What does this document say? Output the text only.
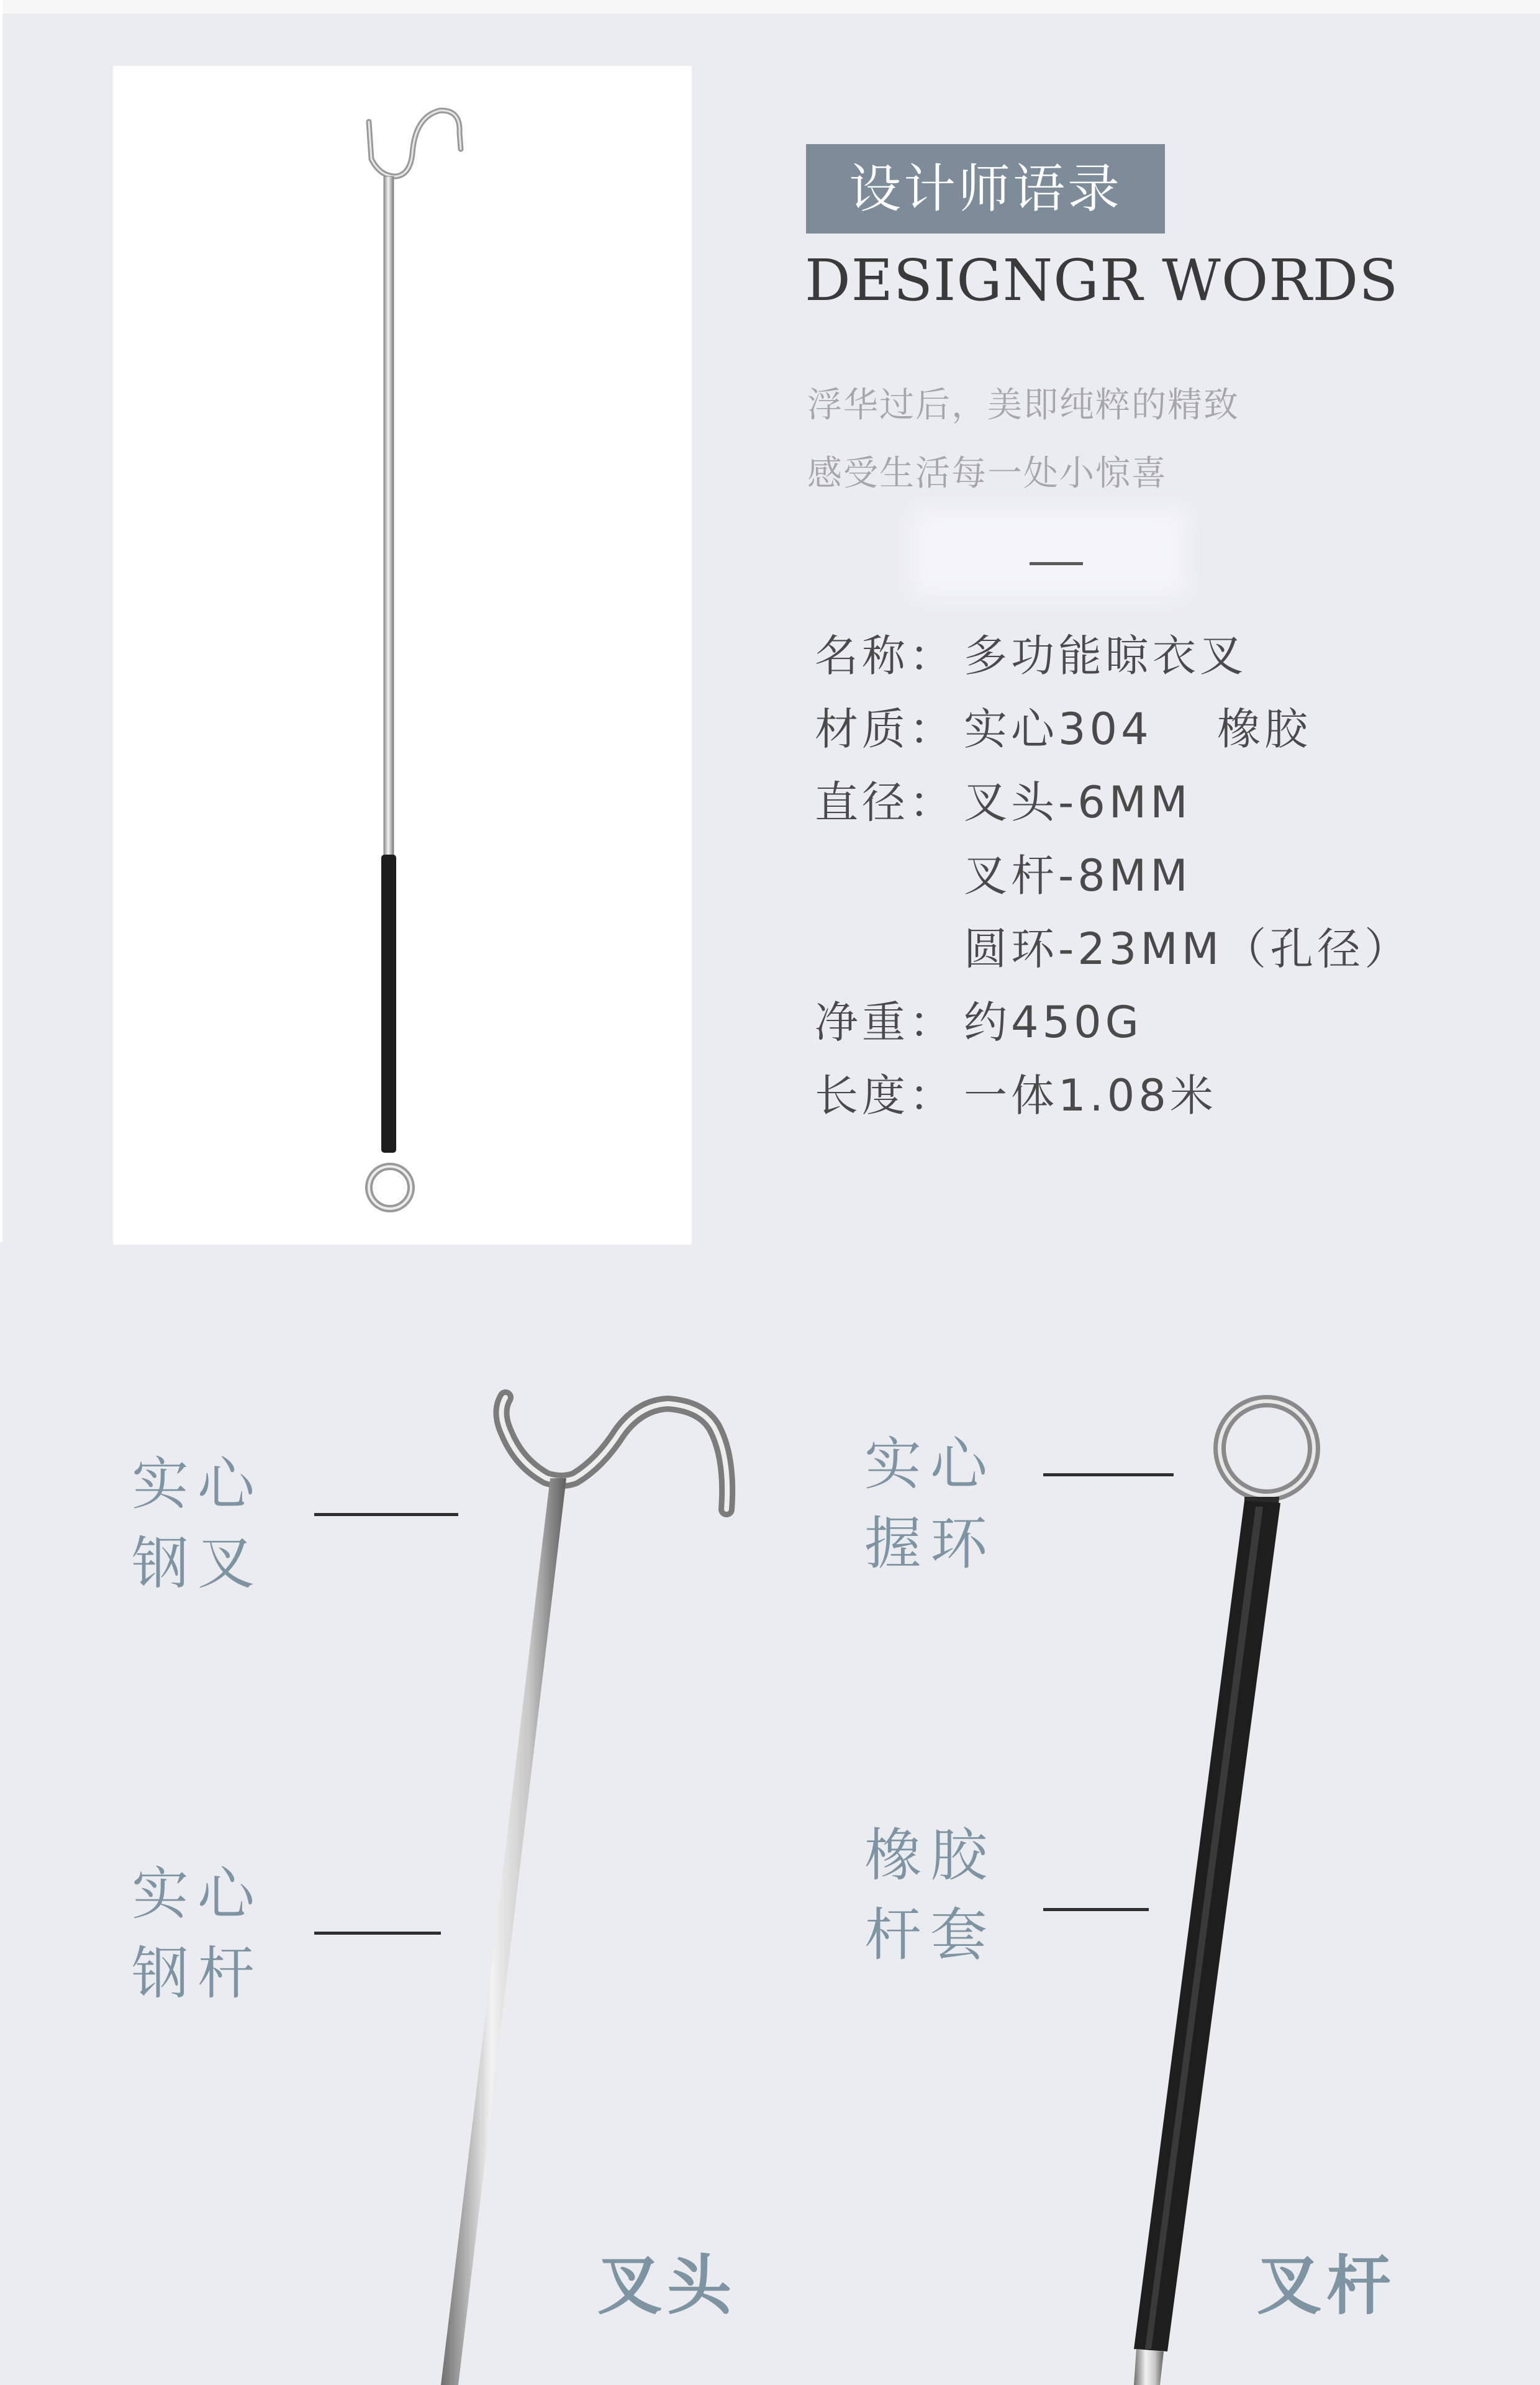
设计师语录
DESIGNGR WORDS
浮华过后，美即纯粹的精致
感受生活每一处小惊喜
名称： 多功能晾衣叉
材质： 实心304　 橡胶
直径： 叉头-6MM
叉杆-8MM
圆环-23MM（孔径）
净重： 约450G
长度： 一体1.08米
实心
钢叉
实心
钢杆
叉头
实心
握环
橡胶
杆套
叉杆
